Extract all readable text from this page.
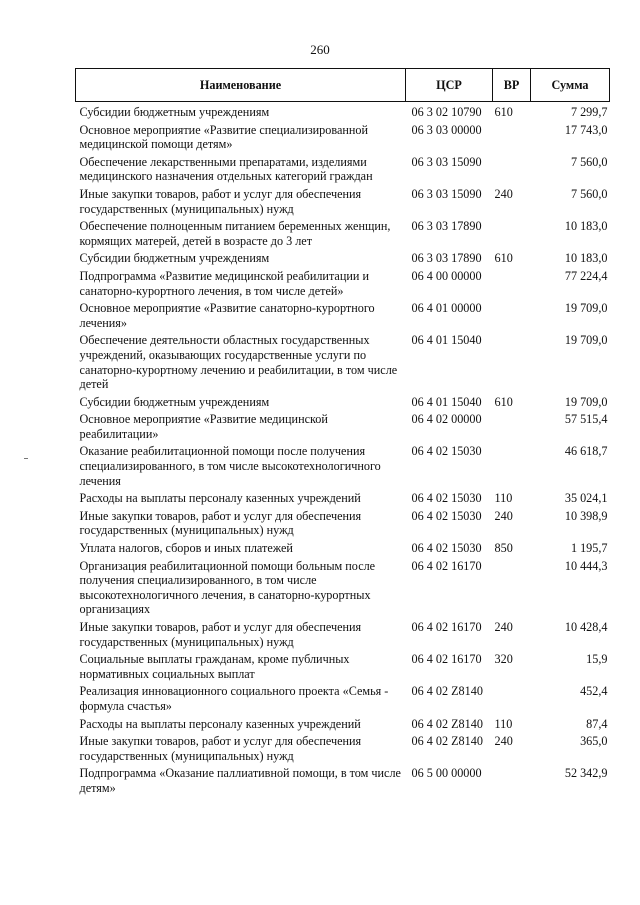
260
Наименование	ЦСР	ВР	Сумма
Субсидии бюджетным учреждениям	06 3 02 10790	610	7 299,7
Основное мероприятие «Развитие специализированной медицинской помощи детям»	06 3 03 00000		17 743,0
Обеспечение лекарственными препаратами, изделиями медицинского назначения отдельных категорий граждан	06 3 03 15090		7 560,0
Иные закупки товаров, работ и услуг для обеспечения государственных (муниципальных) нужд	06 3 03 15090	240	7 560,0
Обеспечение полноценным питанием беременных женщин, кормящих матерей, детей в возрасте до 3 лет	06 3 03 17890		10 183,0
Субсидии бюджетным учреждениям	06 3 03 17890	610	10 183,0
Подпрограмма «Развитие медицинской реабилитации и санаторно-курортного лечения, в том числе детей»	06 4 00 00000		77 224,4
Основное мероприятие «Развитие санаторно-курортного лечения»	06 4 01 00000		19 709,0
Обеспечение деятельности областных государственных учреждений, оказывающих государственные услуги по санаторно-курортному лечению и реабилитации, в том числе детей	06 4 01 15040		19 709,0
Субсидии бюджетным учреждениям	06 4 01 15040	610	19 709,0
Основное мероприятие «Развитие медицинской реабилитации»	06 4 02 00000		57 515,4
Оказание реабилитационной помощи после получения специализированного, в том числе высокотехнологичного лечения	06 4 02 15030		46 618,7
Расходы на выплаты персоналу казенных учреждений	06 4 02 15030	110	35 024,1
Иные закупки товаров, работ и услуг для обеспечения государственных (муниципальных) нужд	06 4 02 15030	240	10 398,9
Уплата налогов, сборов и иных платежей	06 4 02 15030	850	1 195,7
Организация реабилитационной помощи больным после получения специализированного, в том числе высокотехнологичного лечения, в санаторно-курортных организациях	06 4 02 16170		10 444,3
Иные закупки товаров, работ и услуг для обеспечения государственных (муниципальных) нужд	06 4 02 16170	240	10 428,4
Социальные выплаты гражданам, кроме публичных нормативных социальных выплат	06 4 02 16170	320	15,9
Реализация инновационного социального проекта «Семья - формула счастья»	06 4 02 Z8140		452,4
Расходы на выплаты персоналу казенных учреждений	06 4 02 Z8140	110	87,4
Иные закупки товаров, работ и услуг для обеспечения государственных (муниципальных) нужд	06 4 02 Z8140	240	365,0
Подпрограмма «Оказание паллиативной помощи, в том числе детям»	06 5 00 00000		52 342,9
